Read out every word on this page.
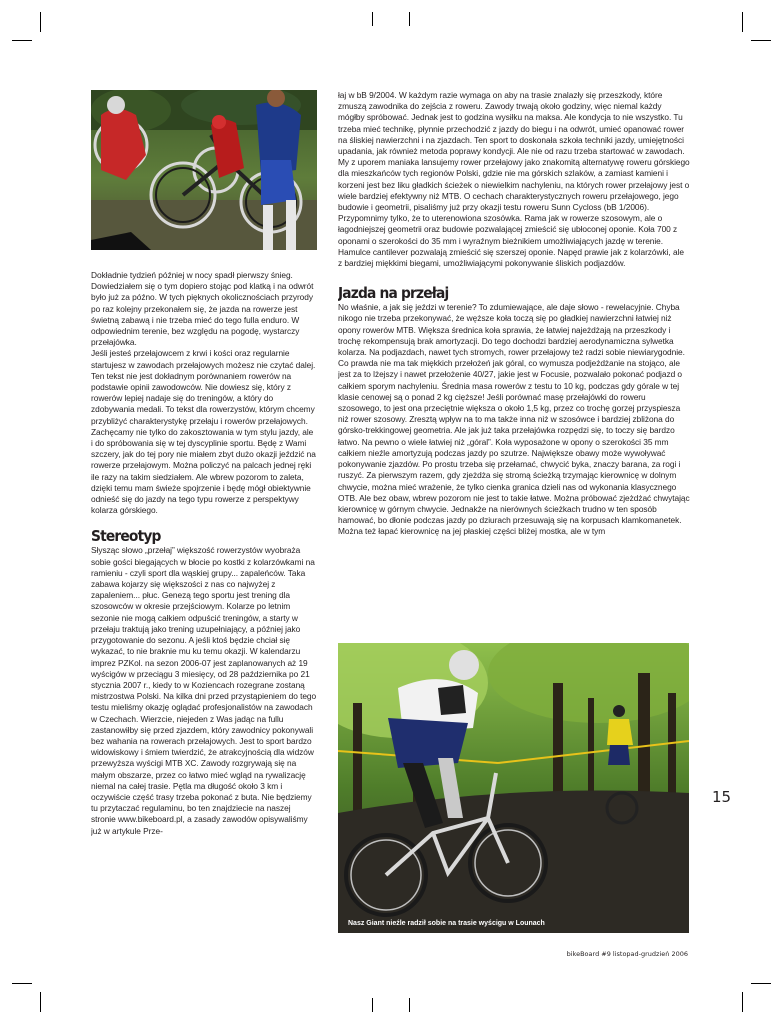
Dokładnie tydzień później w nocy spadł pierwszy śnieg. Dowiedziałem się o tym dopiero stojąc pod klatką i na odwrót było już za późno. W tych pięknych okolicznościach przyrody po raz kolejny przekonałem się, że jazda na rowerze jest świetną zabawą i nie trzeba mieć do tego fulla enduro. W odpowiednim terenie, bez względu na pogodę, wystarczy przełajówka.

Jeśli jesteś przełajowcem z krwi i kości oraz regularnie startujesz w zawodach przełajowych możesz nie czytać dalej. Ten tekst nie jest dokładnym porównaniem rowerów na podstawie opinii zawodowców. Nie dowiesz się, który z rowerów lepiej nadaje się do treningów, a który do zdobywania medali. To tekst dla rowerzystów, którym chcemy przybliżyć charakterystykę przełaju i rowerów przełajowych. Zachęcamy nie tylko do zakosztowania w tym stylu jazdy, ale i do spróbowania się w tej dyscyplinie sportu. Będę z Wami szczery, jak do tej pory nie miałem zbyt dużo okazji jeździć na rowerze przełajowym. Można policzyć na palcach jednej ręki ile razy na takim siedziałem. Ale wbrew pozorom to zaleta, dzięki temu mam świeże spojrzenie i będę mógł obiektywnie odnieść się do jazdy na tego typu rowerze z perspektywy kolarza górskiego.

Stereotyp

Słysząc słowo „przełaj” większość rowerzystów wyobraża sobie gości biegających w błocie po kostki z kolarzówkami na ramieniu - czyli sport dla wąskiej grupy... zapaleńców. Taka zabawa kojarzy się większości z nas co najwyżej z zapaleniem... płuc. Genezą tego sportu jest trening dla szosowców w okresie przejściowym. Kolarze po letnim sezonie nie mogą całkiem odpuścić treningów, a starty w przełaju traktują jako trening uzupełniający, a później jako przygotowanie do sezonu. A jeśli ktoś będzie chciał się wykazać, to nie braknie mu ku temu okazji. W kalendarzu imprez PZKol. na sezon 2006-07 jest zaplanowanych aż 19 wyścigów w przeciągu 3 miesięcy, od 28 października po 21 stycznia 2007 r., kiedy to w Koziencach rozegrane zostaną mistrzostwa Polski. Na kilka dni przed przystąpieniem do tego testu mieliśmy okazję oglądać profesjonalistów na zawodach w Czechach. Wierzcie, niejeden z Was jadąc na fullu zastanowiłby się przed zjazdem, który zawodnicy pokonywali bez wahania na rowerach przełajowych. Jest to sport bardzo widowiskowy i śmiem twierdzić, że atrakcyjnością dla widzów przewyższa wyścigi MTB XC. Zawody rozgrywają się na małym obszarze, przez co łatwo mieć wgląd na rywalizację niemal na całej trasie. Pętla ma długość około 3 km i oczywiście część trasy trzeba pokonać z buta. Nie będziemy tu przytaczać regulaminu, bo ten znajdziecie na naszej stronie www.bikeboard.pl, a zasady zawodów opisywaliśmy już w artykule Prze-

łaj w bB 9/2004. W każdym razie wymaga on aby na trasie znalazły się przeszkody, które zmuszą zawodnika do zejścia z roweru. Zawody trwają około godziny, więc niemal każdy mógłby spróbować. Jednak jest to godzina wysiłku na maksa. Ale kondycja to nie wszystko. Tu trzeba mieć technikę, płynnie przechodzić z jazdy do biegu i na odwrót, umieć opanować rower na śliskiej nawierzchni i na zjazdach. Ten sport to doskonała szkoła techniki jazdy, umiejętności upadania, jak również metoda poprawy kondycji. Ale nie od razu trzeba startować w zawodach.

My z uporem maniaka lansujemy rower przełajowy jako znakomitą alternatywę roweru górskiego dla mieszkańców tych regionów Polski, gdzie nie ma górskich szlaków, a zamiast kamieni i korzeni jest bez liku gładkich ścieżek o niewielkim nachyleniu, na których rower przełajowy jest o wiele bardziej efektywny niż MTB. O cechach charakterystycznych roweru przełajowego, jego budowie i geometrii, pisaliśmy już przy okazji testu roweru Sunn Cycloss (bB 1/2006). Przypomnimy tylko, że to uterenowiona szosówka. Rama jak w rowerze szosowym, ale o łagodniejszej geometrii oraz budowie pozwalającej zmieścić się ubłoconej oponie. Koła 700 z oponami o szerokości do 35 mm i wyraźnym bieżnikiem umożliwiających jazdę w terenie. Hamulce cantilever pozwalają zmieścić się szerszej oponie. Napęd prawie jak z kolarzówki, ale z bardziej miękkimi biegami, umożliwiającymi pokonywanie śliskich podjazdów.

Jazda na przełaj

No właśnie, a jak się jeździ w terenie? To zdumiewające, ale daje słowo - rewelacyjnie. Chyba nikogo nie trzeba przekonywać, że węższe koła toczą się po gładkiej nawierzchni łatwiej niż opony rowerów MTB. Większa średnica koła sprawia, że łatwiej najeżdżają na przeszkody i trochę rekompensują brak amortyzacji. Do tego dochodzi bardziej aerodynamiczna sylwetka kolarza. Na podjazdach, nawet tych stromych, rower przełajowy też radzi sobie niewiarygodnie. Co prawda nie ma tak miękkich przełożeń jak góral, co wymusza podjeżdżanie na stojąco, ale jest za to lżejszy i nawet przełożenie 40/27, jakie jest w Focusie, pozwalało pokonać podjazd o całkiem sporym nachyleniu. Średnia masa rowerów z testu to 10 kg, podczas gdy górale w tej klasie cenowej są o ponad 2 kg cięższe! Jeśli porównać masę przełajówki do roweru szosowego, to jest ona przeciętnie większa o około 1,5 kg, przez co trochę gorzej przyspiesza niż rower szosowy. Zresztą wpływ na to ma także inna niż w szosówce i bardziej zbliżona do górsko-trekkingowej geometria. Ale jak już taka przełajówka rozpędzi się, to toczy się bardzo łatwo. Na pewno o wiele łatwiej niż „góral”. Koła wyposażone w opony o szerokości 35 mm całkiem nieźle amortyzują podczas jazdy po szutrze. Największe obawy może wywoływać pokonywanie zjazdów. Po prostu trzeba się przełamać, chwycić byka, znaczy barana, za rogi i ruszyć. Za pierwszym razem, gdy zjeżdża się stromą ścieżką trzymając kierownicę w dolnym chwycie, można mieć wrażenie, że tylko cienka granica dzieli nas od wykonania klasycznego OTB. Ale bez obaw, wbrew pozorom nie jest to takie łatwe. Można próbować zjeżdżać chwytając kierownicę w górnym chwycie. Jednakże na nierównych ścieżkach trudno w ten sposób hamować, bo dłonie podczas jazdy po dziurach przesuwają się na korpusach klamkomanetek. Można też łapać kierownicę na jej płaskiej części bliżej mostka, ale w tym

Nasz Giant nieźle radził sobie na trasie wyścigu w Lounach
15
bikeBoard #9 listopad-grudzień 2006
